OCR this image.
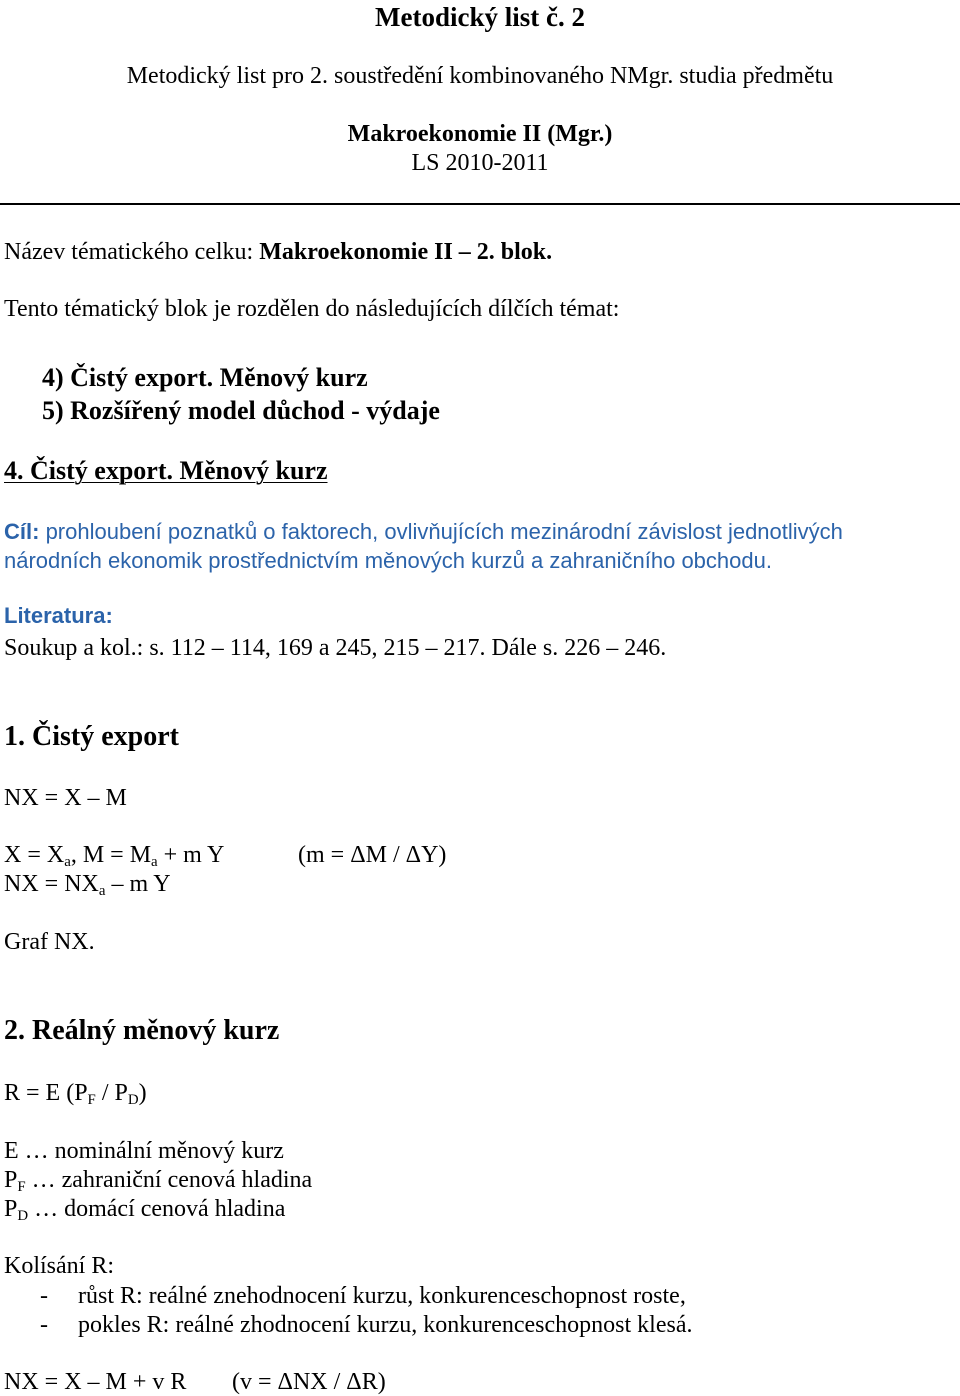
Metodický list č. 2
Metodický list pro 2. soustředění kombinovaného NMgr. studia předmětu
Makroekonomie II (Mgr.)
LS 2010-2011
Název tématického celku: Makroekonomie II – 2. blok.
Tento tématický blok je rozdělen do následujících dílčích témat:
4) Čistý export. Měnový kurz
5) Rozšířený model důchod - výdaje
4. Čistý export. Měnový kurz
Cíl: prohloubení poznatků o faktorech, ovlivňujících mezinárodní závislost jednotlivých
národních ekonomik prostřednictvím měnových kurzů a zahraničního obchodu.
Literatura:
Soukup a kol.: s. 112 – 114, 169 a 245, 215 – 217. Dále s. 226 – 246.
1. Čistý export
NX = X – M
$X = X_a$, $M = M_a + m$ Y	(m = ΔM / ΔY)
NX = $NX_a$ – m Y
Graf NX.
2. Reálný měnový kurz
R = E $(P_F / P_D)$
E … nominální měnový kurz
$P_F$ … zahraniční cenová hladina
$P_D$ … domácí cenová hladina
Kolísání R:
- růst R: reálné znehodnocení kurzu, konkurenceschopnost roste,
- pokles R: reálné zhodnocení kurzu, konkurenceschopnost klesá.
NX = X – M + v R (v = ΔNX / ΔR)
